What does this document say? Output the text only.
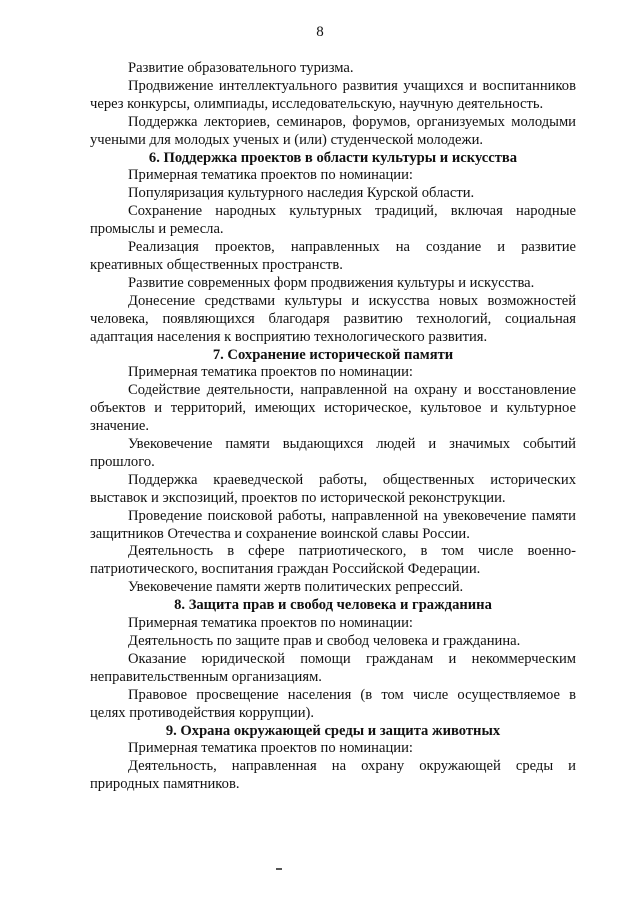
8

Развитие образовательного туризма.

Продвижение интеллектуального развития учащихся и воспитанников через конкурсы, олимпиады, исследовательскую, научную деятельность.

Поддержка лекториев, семинаров, форумов, организуемых молодыми учеными для молодых ученых и (или) студенческой молодежи.

6. Поддержка проектов в области культуры и искусства

Примерная тематика проектов по номинации:

Популяризация культурного наследия Курской области.

Сохранение народных культурных традиций, включая народные промыслы и ремесла.

Реализация проектов, направленных на создание и развитие креативных общественных пространств.

Развитие современных форм продвижения культуры и искусства.

Донесение средствами культуры и искусства новых возможностей человека, появляющихся благодаря развитию технологий, социальная адаптация населения к восприятию технологического развития.

7. Сохранение исторической памяти

Примерная тематика проектов по номинации:

Содействие деятельности, направленной на охрану и восстановление объектов и территорий, имеющих историческое, культовое и культурное значение.

Увековечение памяти выдающихся людей и значимых событий прошлого.

Поддержка краеведческой работы, общественных исторических выставок и экспозиций, проектов по исторической реконструкции.

Проведение поисковой работы, направленной на увековечение памяти защитников Отечества и сохранение воинской славы России.

Деятельность в сфере патриотического, в том числе военно-патриотического, воспитания граждан Российской Федерации.

Увековечение памяти жертв политических репрессий.

8. Защита прав и свобод человека и гражданина

Примерная тематика проектов по номинации:

Деятельность по защите прав и свобод человека и гражданина.

Оказание юридической помощи гражданам и некоммерческим неправительственным организациям.

Правовое просвещение населения (в том числе осуществляемое в целях противодействия коррупции).

9. Охрана окружающей среды и защита животных

Примерная тематика проектов по номинации:

Деятельность, направленная на охрану окружающей среды и природных памятников.
